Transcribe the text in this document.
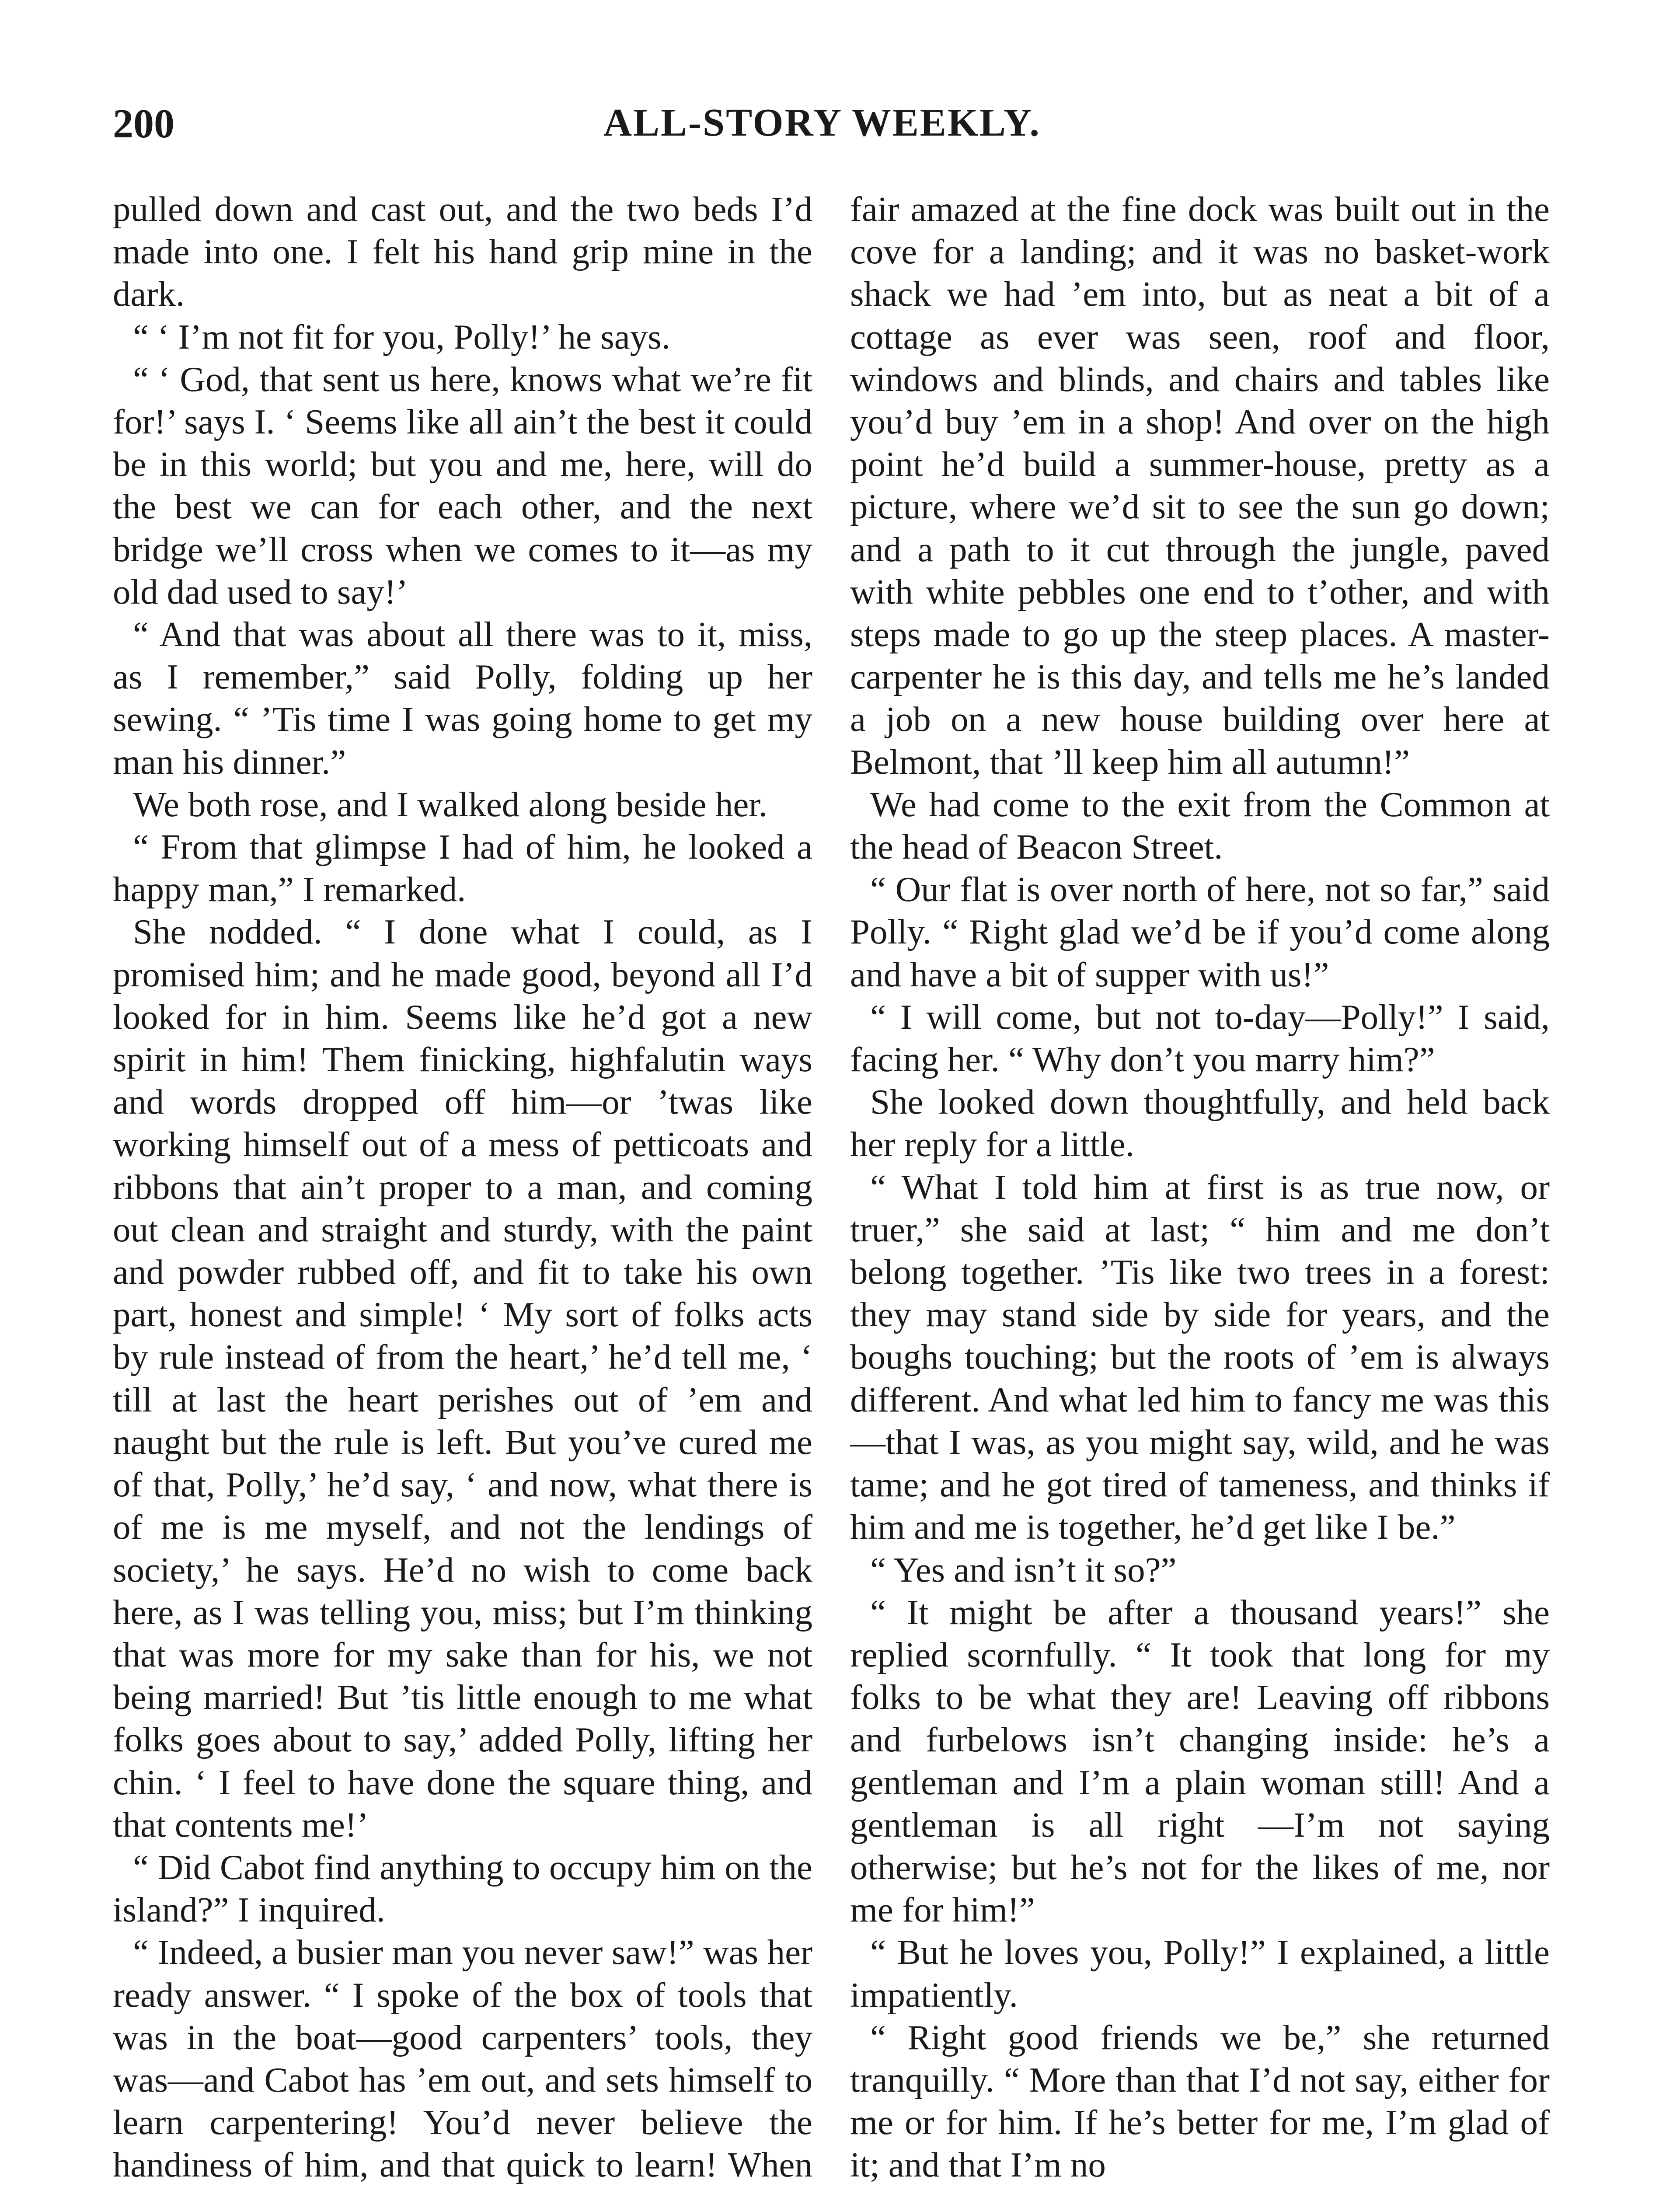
200	ALL-STORY WEEKLY.

pulled down and cast out, and the two beds I’d made into one. I felt his hand grip mine in the dark.

“ ‘ I’m not fit for you, Polly!’ he says.

“ ‘ God, that sent us here, knows what we’re fit for!’ says I. ‘ Seems like all ain’t the best it could be in this world; but you and me, here, will do the best we can for each other, and the next bridge we’ll cross when we comes to it—as my old dad used to say!’

“ And that was about all there was to it, miss, as I remember,” said Polly, folding up her sewing. “ ’Tis time I was going home to get my man his dinner.”

We both rose, and I walked along beside her.

“ From that glimpse I had of him, he looked a happy man,” I remarked.

She nodded. “ I done what I could, as I promised him; and he made good, beyond all I’d looked for in him. Seems like he’d got a new spirit in him! Them finicking, highfalutin ways and words dropped off him—or ’twas like working himself out of a mess of petticoats and ribbons that ain’t proper to a man, and coming out clean and straight and sturdy, with the paint and powder rubbed off, and fit to take his own part, honest and simple! ‘ My sort of folks acts by rule instead of from the heart,’ he’d tell me, ‘ till at last the heart perishes out of ’em and naught but the rule is left. But you’ve cured me of that, Polly,’ he’d say, ‘ and now, what there is of me is me myself, and not the lendings of society,’ he says. He’d no wish to come back here, as I was telling you, miss; but I’m thinking that was more for my sake than for his, we not being married! But ’tis little enough to me what folks goes about to say,’ added Polly, lifting her chin. ‘ I feel to have done the square thing, and that contents me!’

“ Did Cabot find anything to occupy him on the island?” I inquired.

“ Indeed, a busier man you never saw!” was her ready answer. “ I spoke of the box of tools that was in the boat—good carpenters’ tools, they was—and Cabot has ’em out, and sets himself to learn carpentering! You’d never believe the handiness of him, and that quick to learn! When

fair amazed at the fine dock was built out in the cove for a landing; and it was no basket-work shack we had ’em into, but as neat a bit of a cottage as ever was seen, roof and floor, windows and blinds, and chairs and tables like you’d buy ’em in a shop! And over on the high point he’d build a summer-house, pretty as a picture, where we’d sit to see the sun go down; and a path to it cut through the jungle, paved with white pebbles one end to t’other, and with steps made to go up the steep places. A master-carpenter he is this day, and tells me he’s landed a job on a new house building over here at Belmont, that ’ll keep him all autumn!”

We had come to the exit from the Common at the head of Beacon Street.

“ Our flat is over north of here, not so far,” said Polly. “ Right glad we’d be if you’d come along and have a bit of supper with us!”

“ I will come, but not to-day—Polly!” I said, facing her. “ Why don’t you marry him?”

She looked down thoughtfully, and held back her reply for a little.

“ What I told him at first is as true now, or truer,” she said at last; “ him and me don’t belong together. ’Tis like two trees in a forest: they may stand side by side for years, and the boughs touching; but the roots of ’em is always different. And what led him to fancy me was this—that I was, as you might say, wild, and he was tame; and he got tired of tameness, and thinks if him and me is together, he’d get like I be.”

“ Yes and isn’t it so?”

“ It might be after a thousand years!” she replied scornfully. “ It took that long for my folks to be what they are! Leaving off ribbons and furbelows isn’t changing inside: he’s a gentleman and I’m a plain woman still! And a gentleman is all right —I’m not saying otherwise; but he’s not for the likes of me, nor me for him!”

“ But he loves you, Polly!” I explained, a little impatiently.

“ Right good friends we be,” she returned tranquilly. “ More than that I’d not say, either for me or for him. If he’s better for me, I’m glad of it; and that I’m no
